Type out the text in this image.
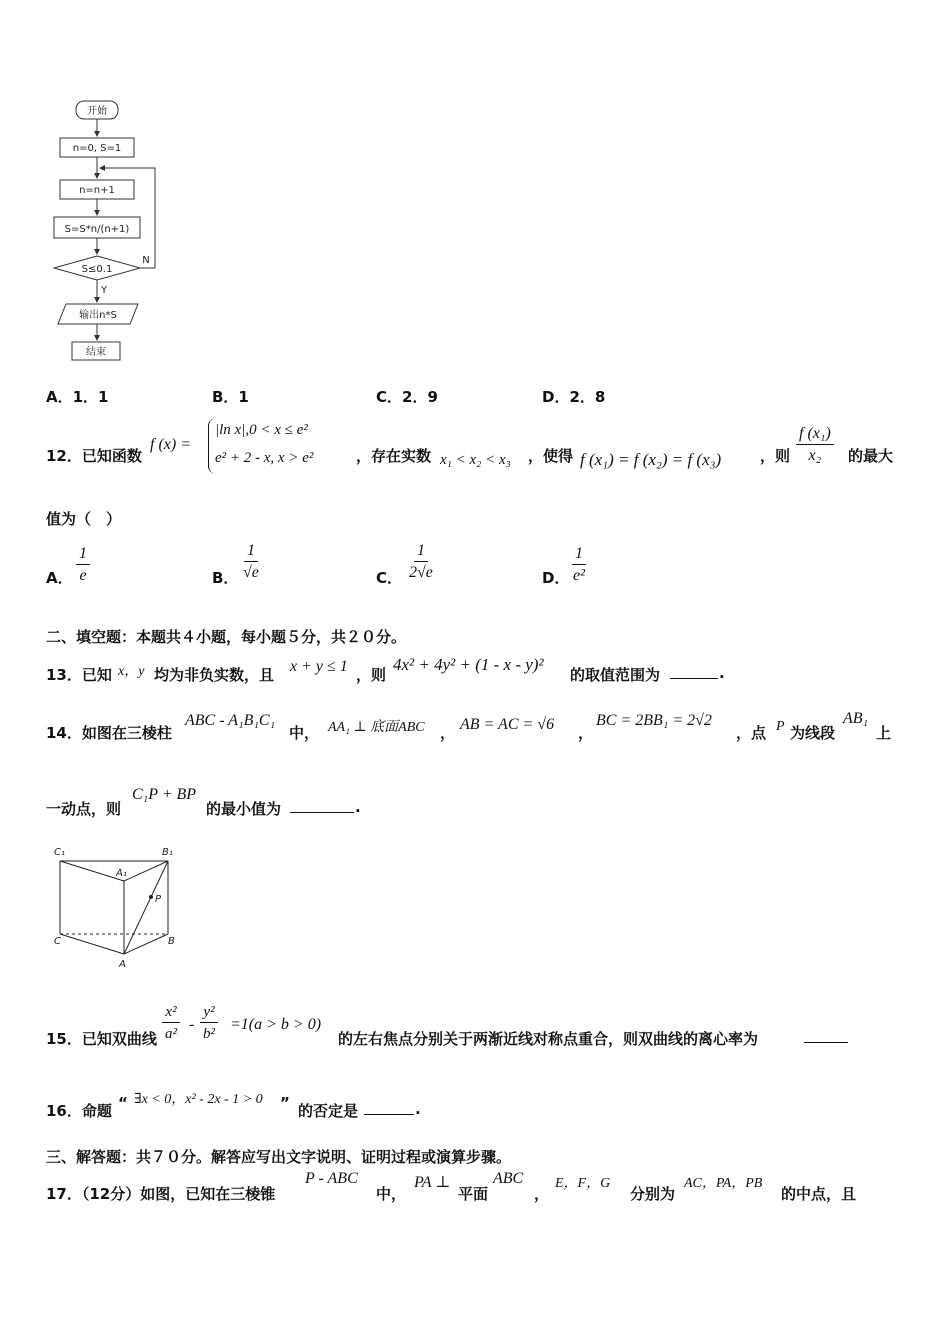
开始
n=0, S=1
n=n+1
S=S*n/(n+1)
S≤0.1
N
Y
输出n*S
结束
A．1．1	B．1	C．2．9	D．2．8
12．已知函数
f (x) =
|ln x|,0 < x ≤ e²
e² + 2 - x, x > e²	，存在实数 x₁ < x₂ < x₃ ，使得 f (x₁) = f (x₂) = f (x₃)	，则 $\frac{\text{f (x₁)}}{\text{x₂}}$ 的最大
值为（　）
A． $\frac{1}{e}$	B． $\frac{1}{√e}$	C． $\frac{1}{2√e}$	D． $\frac{1}{\text{e²}}$
二、填空题：本题共４小题，每小题５分，共２０分。
13．已知 x，y 均为非负实数，且 x + y ≤ 1 ，则
4x² + 4y² + (1 - x - y)²
的取值范围为	.
14．如图在三棱柱
ABC - A₁B₁C₁
中， AA₁ ⊥ 底面ABC ， AB = AC = √6 ，
BC = 2BB₁ = 2√2
，点 P 为线段
AB₁
上
一动点，则
C₁P + BP
的最小值为	.
C₁	B₁
A₁
P
C	B
A
15．已知双曲线 $\frac{\text{x²}}{\text{a²}} - \frac{\text{y²}}{\text{b²}} =1(a > b > 0)$
的左右焦点分别关于两渐近线对称点重合，则双曲线的离心率为
16．命题 “ ∃x < 0，x² - 2x - 1 > 0 ” 的否定是	.
三、解答题：共７０分。解答应写出文字说明、证明过程或演算步骤。
17．（12分）如图，已知在三棱锥
P - ABC
中，
PA ⊥
平面
ABC
，
E，F，G
分别为
AC，PA，PB
的中点，且
